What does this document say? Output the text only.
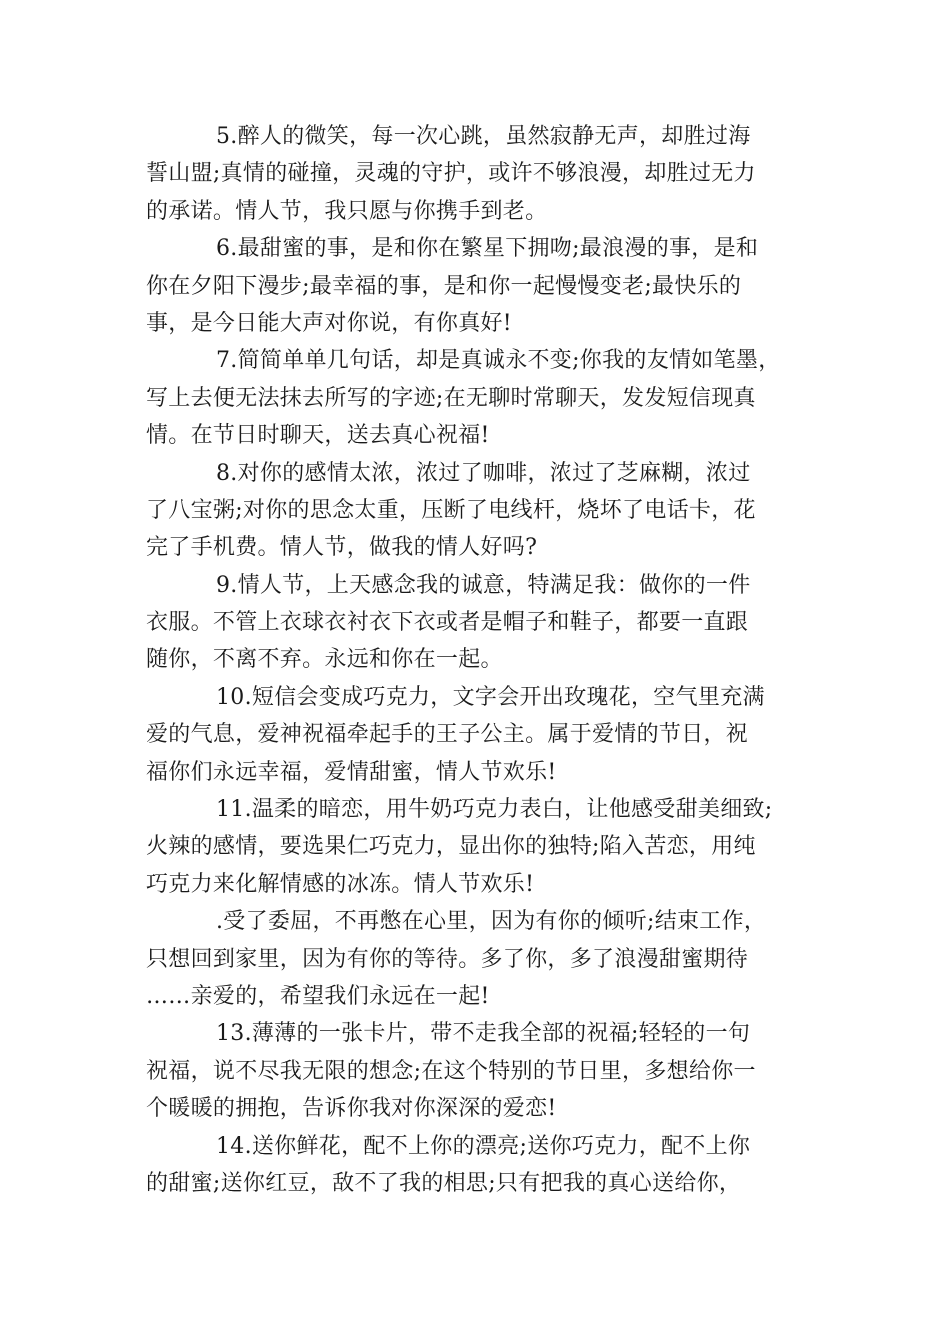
5.醉人的微笑，每一次心跳，虽然寂静无声，却胜过海
誓山盟;真情的碰撞，灵魂的守护，或许不够浪漫，却胜过无力
的承诺。情人节，我只愿与你携手到老。
6.最甜蜜的事，是和你在繁星下拥吻;最浪漫的事，是和
你在夕阳下漫步;最幸福的事，是和你一起慢慢变老;最快乐的
事，是今日能大声对你说，有你真好!
7.简简单单几句话，却是真诚永不变;你我的友情如笔墨，
写上去便无法抹去所写的字迹;在无聊时常聊天，发发短信现真
情。在节日时聊天，送去真心祝福!
8.对你的感情太浓，浓过了咖啡，浓过了芝麻糊，浓过
了八宝粥;对你的思念太重，压断了电线杆，烧坏了电话卡，花
完了手机费。情人节，做我的情人好吗?
9.情人节，上天感念我的诚意，特满足我：做你的一件
衣服。不管上衣球衣衬衣下衣或者是帽子和鞋子，都要一直跟
随你，不离不弃。永远和你在一起。
10.短信会变成巧克力，文字会开出玫瑰花，空气里充满
爱的气息，爱神祝福牵起手的王子公主。属于爱情的节日，祝
福你们永远幸福，爱情甜蜜，情人节欢乐!
11.温柔的暗恋，用牛奶巧克力表白，让他感受甜美细致;
火辣的感情，要选果仁巧克力，显出你的独特;陷入苦恋，用纯
巧克力来化解情感的冰冻。情人节欢乐!
.受了委屈，不再憋在心里，因为有你的倾听;结束工作，
只想回到家里，因为有你的等待。多了你，多了浪漫甜蜜期待
……亲爱的，希望我们永远在一起!
13.薄薄的一张卡片，带不走我全部的祝福;轻轻的一句
祝福，说不尽我无限的想念;在这个特别的节日里，多想给你一
个暖暖的拥抱，告诉你我对你深深的爱恋!
14.送你鲜花，配不上你的漂亮;送你巧克力，配不上你
的甜蜜;送你红豆，敌不了我的相思;只有把我的真心送给你，
